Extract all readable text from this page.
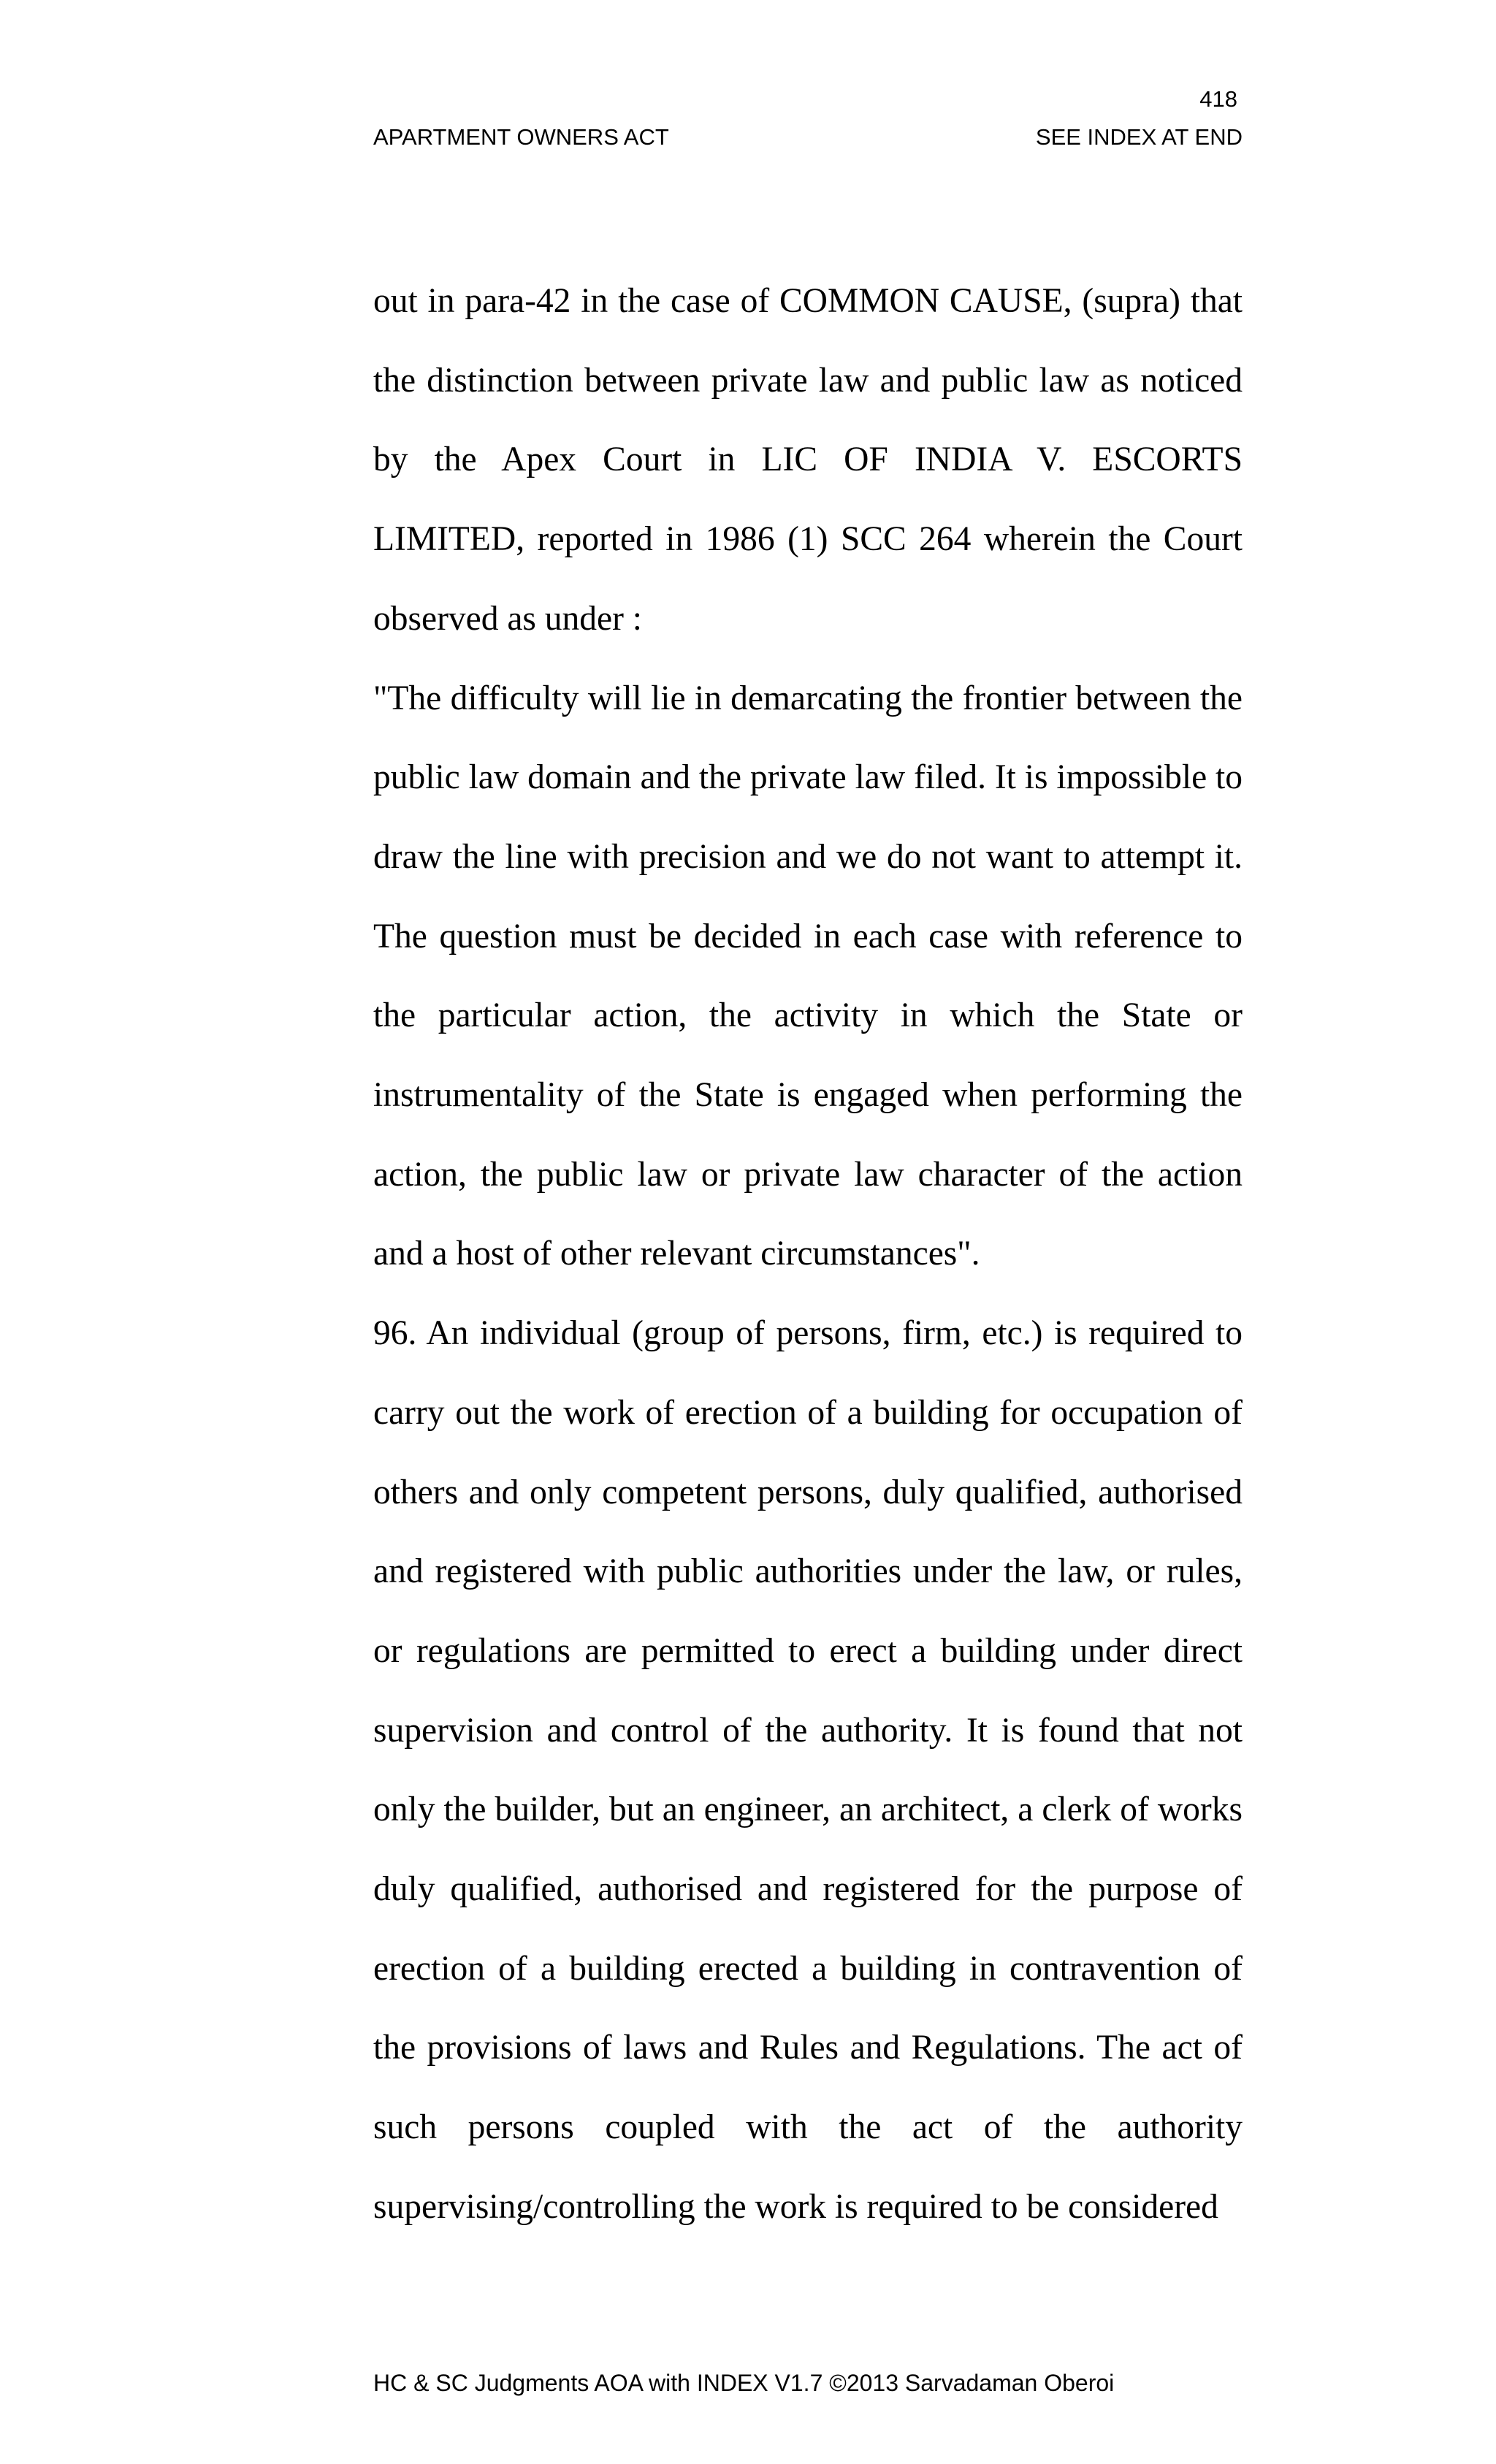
418
APARTMENT OWNERS ACT	SEE INDEX AT END

out in para-42 in the case of COMMON CAUSE, (supra) that the distinction between private law and public law as noticed by the Apex Court in LIC OF INDIA V. ESCORTS LIMITED, reported in 1986 (1) SCC 264 wherein the Court observed as under :

"The difficulty will lie in demarcating the frontier between the public law domain and the private law filed. It is impossible to draw the line with precision and we do not want to attempt it. The question must be decided in each case with reference to the particular action, the activity in which the State or instrumentality of the State is engaged when performing the action, the public law or private law character of the action and a host of other relevant circumstances".

96. An individual (group of persons, firm, etc.) is required to carry out the work of erection of a building for occupation of others and only competent persons, duly qualified, authorised and registered with public authorities under the law, or rules, or regulations are permitted to erect a building under direct supervision and control of the authority. It is found that not only the builder, but an engineer, an architect, a clerk of works duly qualified, authorised and registered for the purpose of erection of a building erected a building in contravention of the provisions of laws and Rules and Regulations. The act of such persons coupled with the act of the authority supervising/controlling the work is required to be considered

HC & SC Judgments AOA with INDEX V1.7 ©2013 Sarvadaman Oberoi
